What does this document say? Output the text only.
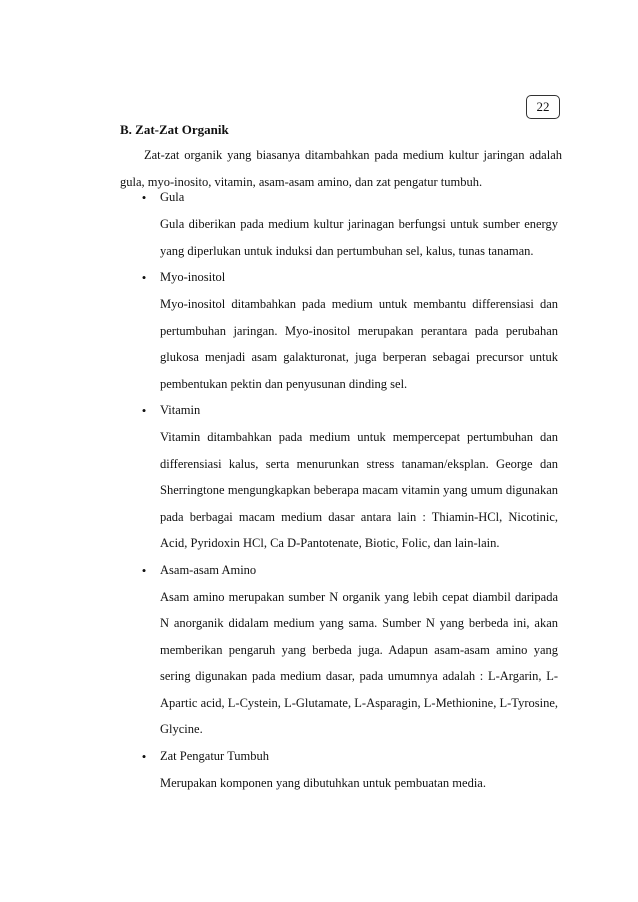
22
B. Zat-Zat Organik

Zat-zat organik yang biasanya ditambahkan pada medium kultur jaringan adalah gula, myo-inosito, vitamin, asam-asam amino, dan zat pengatur tumbuh.

• Gula

Gula diberikan pada medium kultur jarinagan berfungsi untuk sumber energy yang diperlukan untuk induksi dan pertumbuhan sel, kalus, tunas tanaman.

• Myo-inositol

Myo-inositol ditambahkan pada medium untuk membantu differensiasi dan pertumbuhan jaringan. Myo-inositol merupakan perantara pada perubahan glukosa menjadi asam galakturonat, juga berperan sebagai precursor untuk pembentukan pektin dan penyusunan dinding sel.

• Vitamin

Vitamin ditambahkan pada medium untuk mempercepat pertumbuhan dan differensiasi kalus, serta menurunkan stress tanaman/eksplan. George dan Sherringtone mengungkapkan beberapa macam vitamin yang umum digunakan pada berbagai macam medium dasar antara lain : Thiamin-HCl, Nicotinic, Acid, Pyridoxin HCl, Ca D-Pantotenate, Biotic, Folic, dan lain-lain.

• Asam-asam Amino

Asam amino merupakan sumber N organik yang lebih cepat diambil daripada N anorganik didalam medium yang sama. Sumber N yang berbeda ini, akan memberikan pengaruh yang berbeda juga. Adapun asam-asam amino yang sering digunakan pada medium dasar, pada umumnya adalah : L-Argarin, L-Apartic acid, L-Cystein, L-Glutamate, L-Asparagin, L-Methionine, L-Tyrosine, Glycine.

• Zat Pengatur Tumbuh

Merupakan komponen yang dibutuhkan untuk pembuatan media.
